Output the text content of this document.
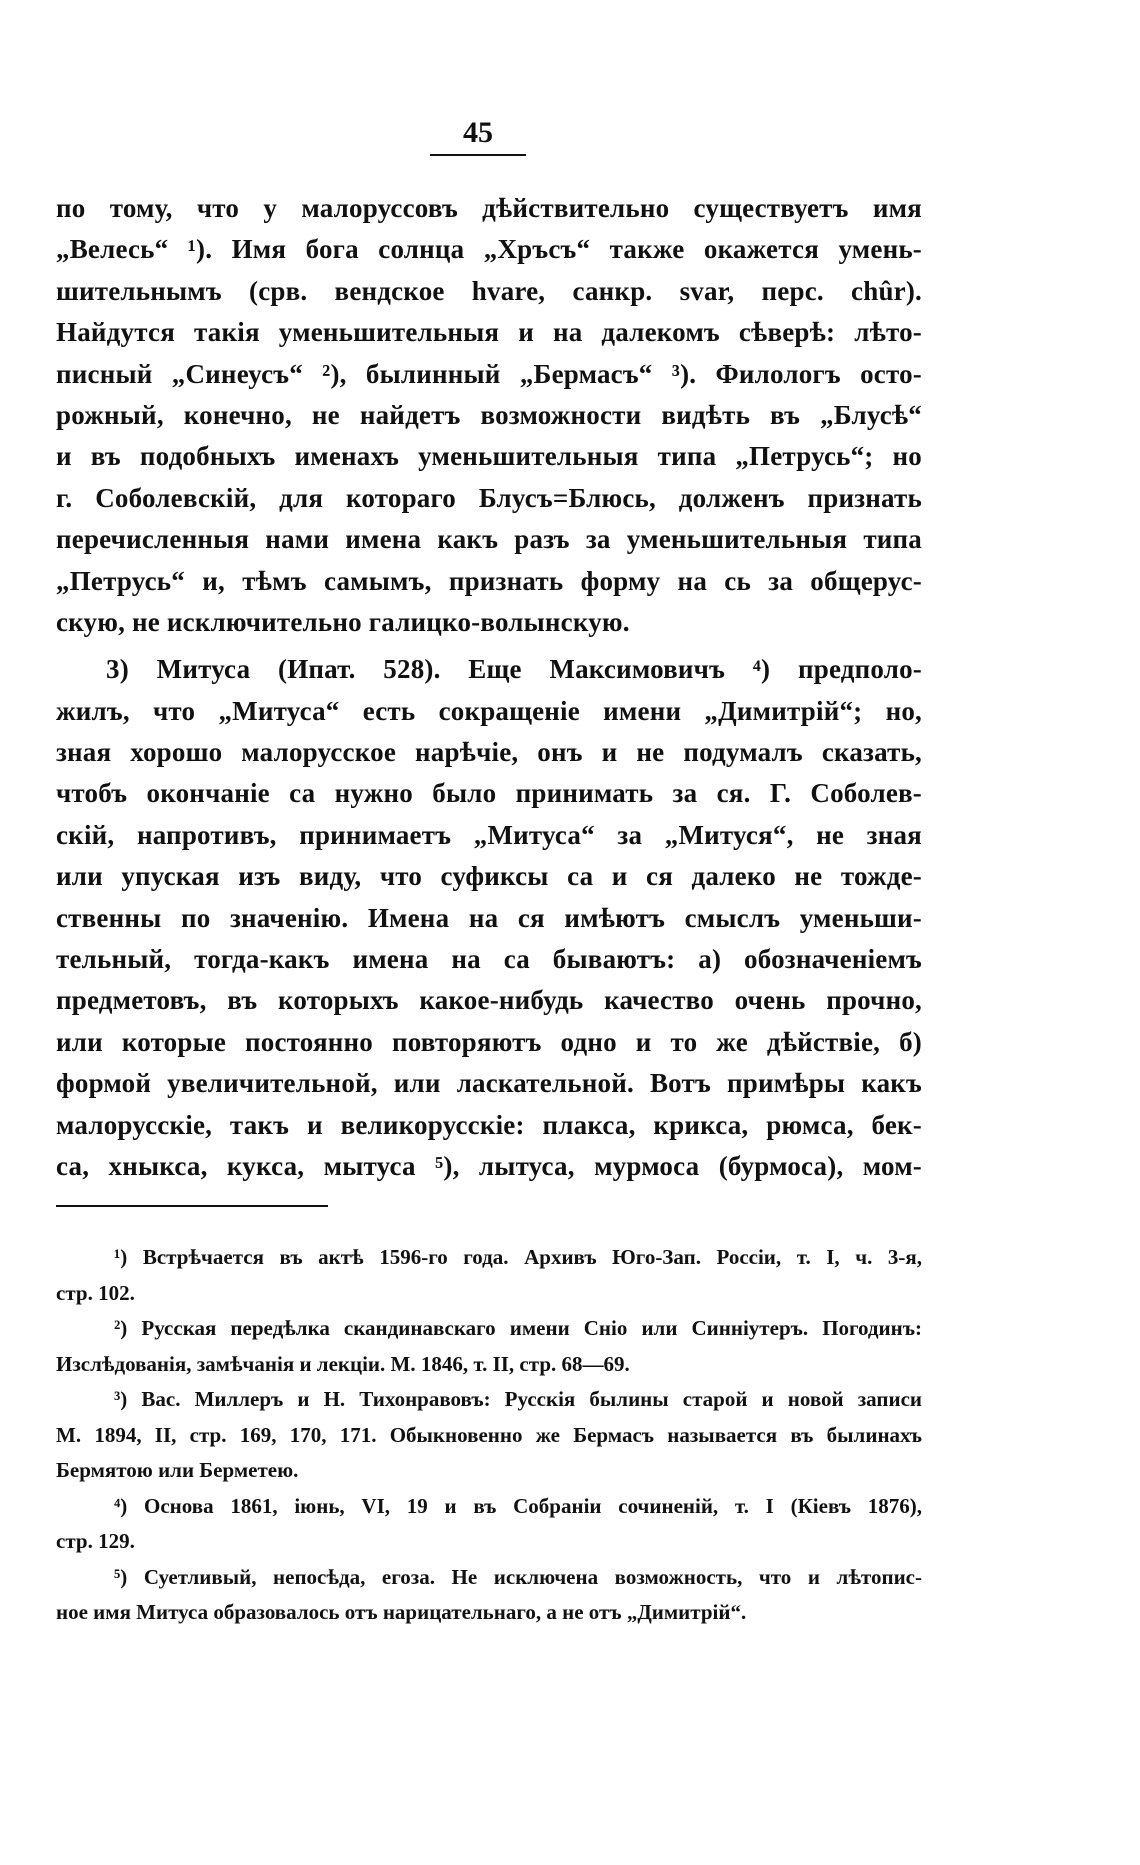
45
по тому, что у малоруссовъ дѣйствительно существуетъ имя
„Велесь“ ¹). Имя бога солнца „Хръсъ“ также окажется умень-
шительнымъ (срв. вендское hvare, санкр. svar, перс. chûr).
Найдутся такія уменьшительныя и на далекомъ сѣверѣ: лѣто-
писный „Синеусъ“ ²), былинный „Бермасъ“ ³). Филологъ осто-
рожный, конечно, не найдетъ возможности видѣть въ „Блусѣ“
и въ подобныхъ именахъ уменьшительныя типа „Петрусь“; но
г. Соболевскій, для котораго Блусъ=Блюсь, долженъ признать
перечисленныя нами имена какъ разъ за уменьшительныя типа
„Петрусь“ и, тѣмъ самымъ, признать форму на сь за общерус-
скую, не исключительно галицко-волынскую.
3) Митуса (Ипат. 528). Еще Максимовичъ ⁴) предполо-
жилъ, что „Митуса“ есть сокращеніе имени „Димитрій“; но,
зная хорошо малорусское нарѣчіе, онъ и не подумалъ сказать,
чтобъ окончаніе са нужно было принимать за ся. Г. Соболев-
скій, напротивъ, принимаетъ „Митуса“ за „Митуся“, не зная
или упуская изъ виду, что суфиксы са и ся далеко не тожде-
ственны по значенію. Имена на ся имѣютъ смыслъ уменьши-
тельный, тогда-какъ имена на са бываютъ: а) обозначеніемъ
предметовъ, въ которыхъ какое-нибудь качество очень прочно,
или которые постоянно повторяютъ одно и то же дѣйствіе, б)
формой увеличительной, или ласкательной. Вотъ примѣры какъ
малорусскіе, такъ и великорусскіе: плакса, крикса, рюмса, бек-
са, хныкса, кукса, мытуса ⁵), лытуса, мурмоса (бурмоса), мом-
¹) Встрѣчается въ актѣ 1596-го года. Архивъ Юго-Зап. Россіи, т. I, ч. 3-я,
стр. 102.
²) Русская передѣлка скандинавскаго имени Сніо или Синніутеръ. Погодинъ:
Изслѣдованія, замѣчанія и лекціи. М. 1846, т. II, стр. 68—69.
³) Вас. Миллеръ и Н. Тихонравовъ: Русскія былины старой и новой записи
М. 1894, II, стр. 169, 170, 171. Обыкновенно же Бермасъ называется въ былинахъ
Бермятою или Берметею.
⁴) Основа 1861, іюнь, VI, 19 и въ Собраніи сочиненій, т. I (Кіевъ 1876),
стр. 129.
⁵) Суетливый, непосѣда, егоза. Не исключена возможность, что и лѣтопис-
ное имя Митуса образовалось отъ нарицательнаго, а не отъ „Димитрій“.
